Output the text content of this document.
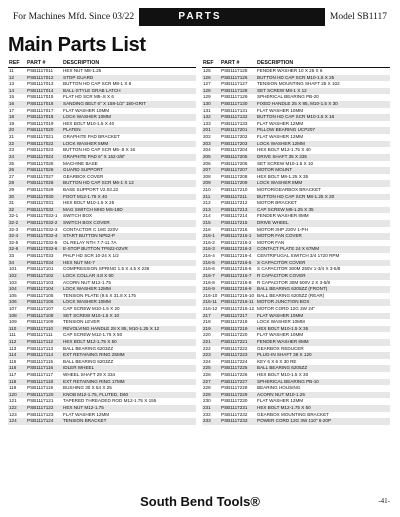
For Machines Mfd. Since 03/22	PARTS	Model SB1117
Main Parts List
REF	PART #	DESCRIPTION
11	PSB1117011	HEX NUT M8-1.25
12	PSB1117012	STOP GUARD
13	PSB1117013	BUTTON HD CAP SCR M8-1 X 8
14	PSB1117014	BALL-STYLE GRAB LATCH
15	PSB1117015	FLAT HD SCR M5-.8 X 6
16	PSB1117016	SANDING BELT 6" X 158-1/2" 180-GRIT
17	PSB1117017	FLAT WASHER 10MM
18	PSB1117018	LOCK WASHER 10MM
19	PSB1117019	HEX BOLT M10-1.5 X 40
20	PSB1117020	PLATEN
21	PSB1117021	GRAPHITE PAD BRACKET
22	PSB1117022	LOCK WASHER 5MM
23	PSB1117023	BUTTON HD CAP SCR M5-.8 X 16
24	PSB1117024	GRAPHITE PAD 6" X 152-3/8"
25	PSB1117025	MACHINE BASE
26	PSB1117026	GUARD SUPPORT
27	PSB1117027	GEARBOX COVER
28	PSB1117028	BUTTON HD CAP SCR M6-1 X 12
29	PSB1117029	BASE SUPPORT V2.03.22
30	PSB1117030	FOOT M12-1.75 X 40
31	PSB1117031	HEX BOLT M10-1.5 X 25
32	PSB1117032	MAG SWITCH MHD MS-18D
32-1	PSB1117032-1	SWITCH BOX
32-2	PSB1117032-2	SWITCH BOX COVER
32-3	PSB1117032-3	CONTACTOR C 18G 220V
32-4	PSB1117032-4	START BUTTON NP52-P
32-5	PSB1117032-5	OL RELAY NTH 7.7-11.7A
32-6	PSB1117032-6	E-STOP BUTTON TP922-02VR
33	PSB1117033	PHLP HD SCR 10-24 X 1/2
34	PSB1117034	HEX NUT M4-7
101	PSB1117101	COMPRESSION SPRING 1.5 X 4.5 X 236
102	PSB1117102	LOCK COLLAR 4.8 X 60
103	PSB1117103	ACORN NUT M12-1.75
104	PSB1117104	LOCK WASHER 12MM
105	PSB1117105	TENSION PLATE (9.5 X 31.8 X 175
106	PSB1117106	LOCK WASHER 10MM
107	PSB1117107	CAP SCREW M10-1.5 X 20
108	PSB1117108	SET SCREW M10-1.5 X 10
109	PSB1117109	TENSION LEVER
110	PSB1117110	REVOLVING HANDLE 28 X 85, M10-1.25 X 12
111	PSB1117111	CAP SCREW M12-1.75 X 50
112	PSB1117112	HEX BOLT M12-1.75 X 50
113	PSB1117113	BALL BEARING 6203ZZ
114	PSB1117114	EXT RETAINING RING 25MM
115	PSB1117115	BALL BEARING 6203ZZ
116	PSB1117116	IDLER WHEEL
117	PSB1117117	WHEEL SHAFT 29 X 334
118	PSB1117118	EXT RETAINING RING 17MM
119	PSB1117119	BUSHING 30 X 54 X 25
120	PSB1117120	KNOB M12-1.75, FLUTED, D60
121	PSB1117121	TAPERED THREADED ROD M12-1.75 X 155
122	PSB1117122	HEX NUT M12-1.75
123	PSB1117123	FLAT WASHER 12MM
124	PSB1117124	TENSION BRACKET
REF	PART #	DESCRIPTION
125	PSB1117125	FENDER WASHER 10 X 25 X 6
126	PSB1117126	BUTTON HD CAP SCR M10-1.5 X 25
127	PSB1117127	TENSION MOUNTING SHAFT 25 X 102
128	PSB1117128	SET SCREW M8-1 X 12
129	PSB1117129	SPHERICAL BEARING PB-20
130	PSB1117130	FIXED HANDLE 25 X 85, M10-1.5 X 30
131	PSB1117131	FLAT WASHER 10MM
132	PSB1117132	BUTTON HD CAP SCR M10-1.5 X 16
133	PSB1117133	FLAT WASHER 12MM
201	PSB1117201	PILLOW BEARING UCP207
202	PSB1117202	FLAT WASHER 12MM
203	PSB1117203	LOCK WASHER 12MM
204	PSB1117204	HEX BOLT M12-1.75 X 40
205	PSB1117205	DRIVE SHAFT 35 X 335
206	PSB1117206	SET SCREW M10-1.5 X 10
207	PSB1117207	MOTOR MOUNT
208	PSB1117208	HEX BOLT M8-1.25 X 35
209	PSB1117209	LOCK WASHER 8MM
210	PSB1117210	MOTOR/GEARBOX BRACKET
211	PSB1117211	BUTTON HD CAP SCR M8-1.25 X 20
212	PSB1117212	MOTOR BRACKET
213	PSB1117213	CAP SCREW M8-1.25 X 35
214	PSB1117214	FENDER WASHER 8MM
215	PSB1117215	DRIVE WHEEL
216	PSB1117216	MOTOR 3HP 220V 1-PH
216-1	PSB1117216-1	MOTOR FAN COVER
216-2	PSB1117216-2	MOTOR FAN
216-3	PSB1117216-3	CONTACT PLATE 24 X 67MM
216-4	PSB1117216-4	CENTRIFUGAL SWITCH 3/4 1720 RPM
216-5	PSB1117216-5	S CAPACITOR COVER
216-6	PSB1117216-6	S CAPACITOR 300M 250V 1-3/4 X 3-5/8
216-7	PSB1117216-7	R CAPACITOR COVER
216-8	PSB1117216-8	R CAPACITOR 30M 500V 2 X 3-5/8
216-9	PSB1117216-9	BALL BEARING 6205ZZ (FRONT)
216-10 PSB1117216-10 BALL BEARING 6205ZZ (REAR)
216-11 PSB1117216-11 MOTOR JUNCTION BOX
216-12 PSB1117216-12 MOTOR CORD 12G 3W 24"
217	PSB1117217	FLAT WASHER 10MM
218	PSB1117218	LOCK WASHER 10MM
219	PSB1117219	HEX BOLT M10-1.5 X 35
220	PSB1117220	FLAT WASHER 10MM
221	PSB1117221	FENDER WASHER 8MM
222	PSB1117222	GEARBOX REDUCER
223	PSB1117223	PLUG-IN SHAFT 38 X 120
224	PSB1117224	KEY 6 X 6 X 30 RE
225	PSB1117225	BALL BEARING 6205ZZ
226	PSB1117226	HEX BOLT M10-1.5 X 30
227	PSB1117227	SPHERICAL BEARING PB-10
228	PSB1117228	BEARING HOUSING
229	PSB1117229	ACORN NUT M10-1.25
230	PSB1117230	FLAT WASHER 12MM
231	PSB1117231	HEX BOLT M12-1.75 X 50
232	PSB1117232	GEARBOX MOUNTING BRACKET
233	PSB1117233	POWER CORD 12G 3W 110" 6-20P
South Bend Tools®	-41-
